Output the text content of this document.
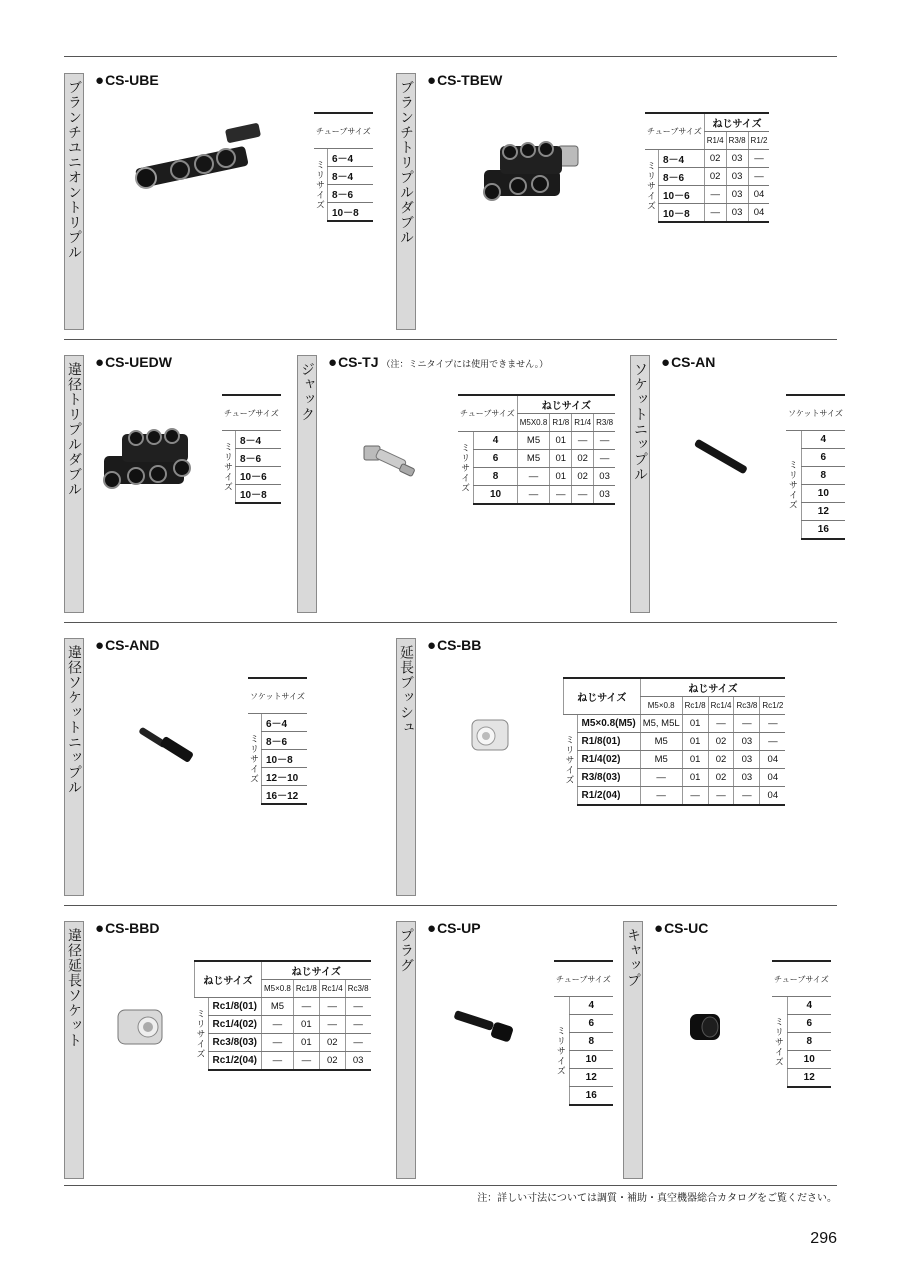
ブランチユニオントリプル ●CS-UBE
チューブサイズ
ミリサイズ	6－4
8－4
8－6
10－8	ブランチトリプルダブル ●CS-TBEW
チューブサイズ		ねじサイズ		
		R1/4	R3/8	R1/2
ミリサイズ	8－4	02	03	—
	8－6	02	03	—
	10－6	—	03	04
	10－8	—	03	04
違径トリプルダブル ●CS-UEDW
チューブサイズ
ミリサイズ	8－4
8－6
10－6
10－8
ジャック ●CS-TJ （注：ミニタイプには使用できません。）
チューブサイズ		ねじサイズ			
		M5X0.8	R1/8	R1/4	R3/8
ミリサイズ	4	M5	01	—	—
	6	M5	01	02	—
	8	—	01	02	03
	10	—	—	—	03
ソケットニップル ●CS-AN
ソケットサイズ
ミリサイズ	4
6
8
10
12
16
違径ソケットニップル ●CS-AND
ソケットサイズ
ミリサイズ	6－4
8－6
10－8
12－10
16－12
延長ブッシュ ●CS-BB
ねじサイズ		ねじサイズ				
		M5×0.8	Rc1/8	Rc1/4	Rc3/8	Rc1/2
ミリサイズ	M5×0.8(M5)	M5, M5L	01	—	—	—
	R1/8(01)	M5	01	02	03	—
	R1/4(02)	M5	01	02	03	04
	R3/8(03)	—	01	02	03	04
	R1/2(04)	—	—	—	—	04
違径延長ソケット ●CS-BBD
ねじサイズ		ねじサイズ			
		M5×0.8	Rc1/8	Rc1/4	Rc3/8
ミリサイズ	Rc1/8(01)	M5	—	—	—
	Rc1/4(02)	—	01	—	—
	Rc3/8(03)	—	01	02	—
	Rc1/2(04)	—	—	02	03
プラグ ●CS-UP
チューブサイズ
ミリサイズ	4
6
8
10
12
16
キャップ ●CS-UC
チューブサイズ
ミリサイズ	4
6
8
10
12
注：詳しい寸法については調質・補助・真空機器総合カタログをご覧ください。
296
